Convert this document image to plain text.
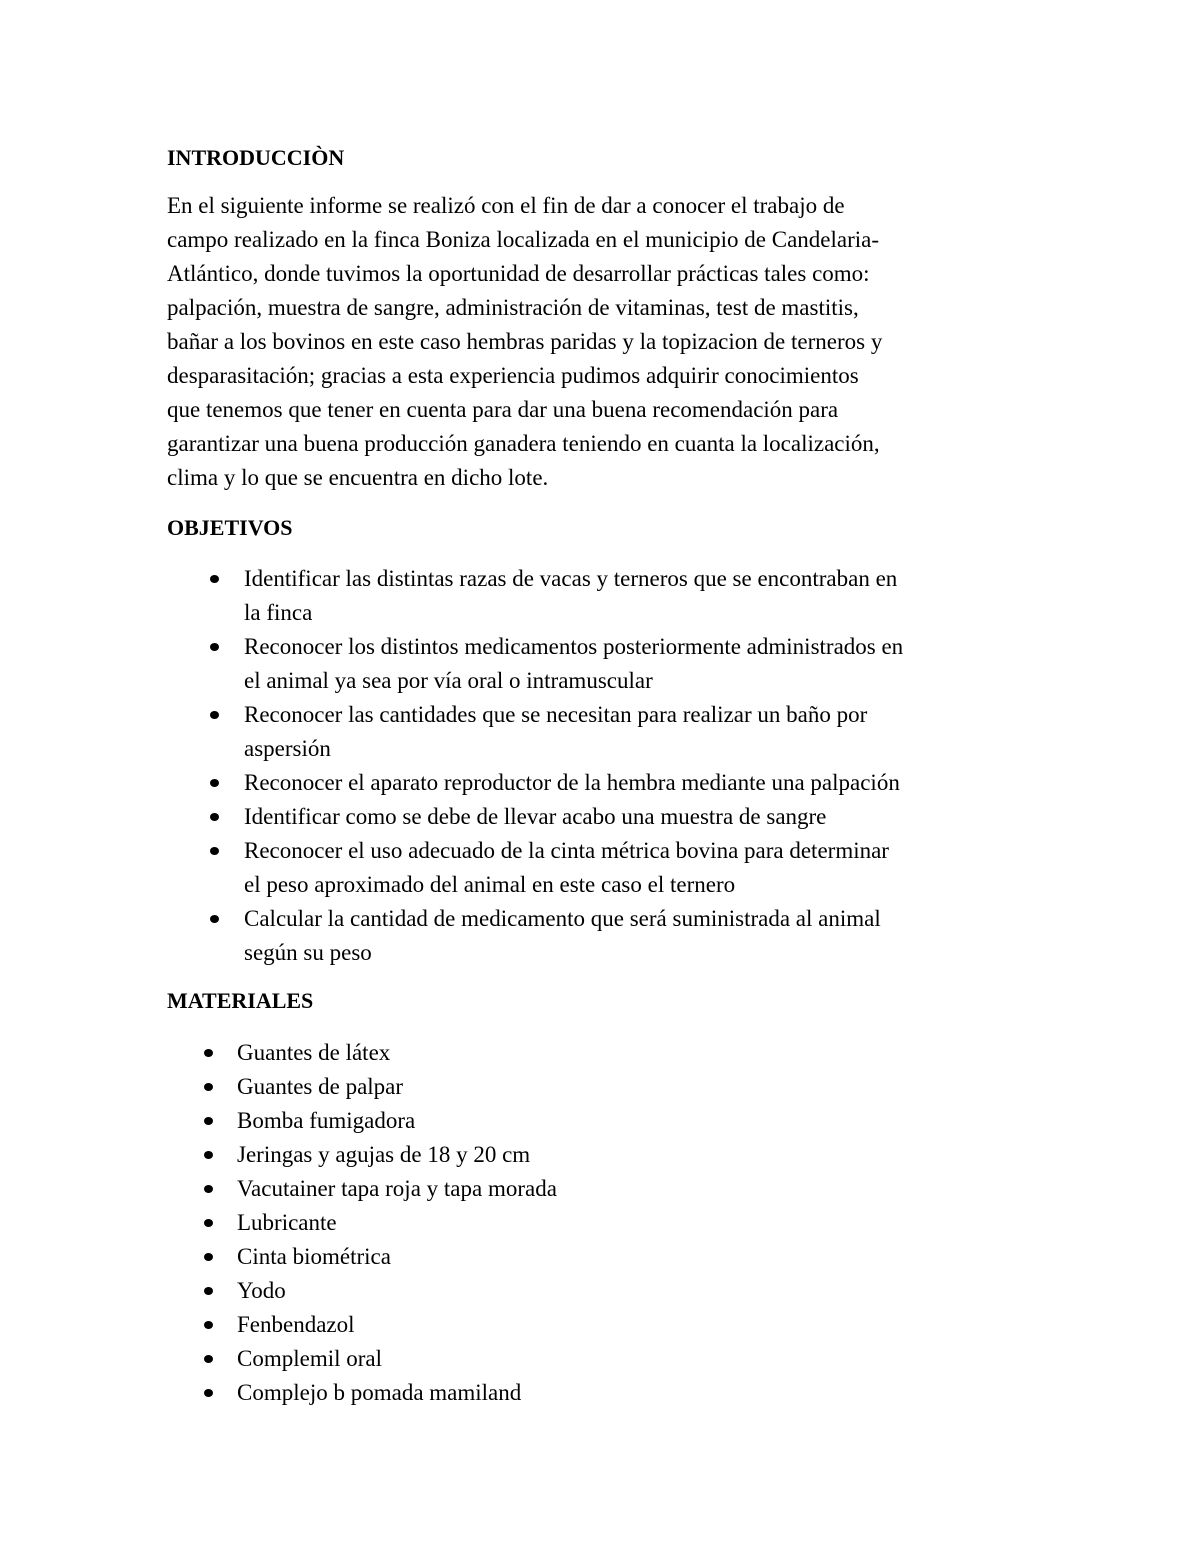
INTRODUCCIÒN
En el siguiente informe se realizó con el fin de dar a conocer el trabajo de
campo realizado en la finca Boniza localizada en el municipio de Candelaria-
Atlántico, donde tuvimos la oportunidad de desarrollar prácticas tales como:
palpación, muestra de sangre, administración de vitaminas, test de mastitis,
bañar a los bovinos en este caso hembras paridas y la topizacion de terneros y
desparasitación; gracias a esta experiencia pudimos adquirir conocimientos
que tenemos que tener en cuenta para dar una buena recomendación para
garantizar una buena producción ganadera teniendo en cuanta la localización,
clima y lo que se encuentra en dicho lote.
OBJETIVOS
Identificar las distintas razas de vacas y terneros que se encontraban en
la finca
Reconocer los distintos medicamentos posteriormente administrados en
el animal ya sea por vía oral o intramuscular
Reconocer las cantidades que se necesitan para realizar un baño por
aspersión
Reconocer el aparato reproductor de la hembra mediante una palpación
Identificar como se debe de llevar acabo una muestra de sangre
Reconocer el uso adecuado de la cinta métrica bovina para determinar
el peso aproximado del animal en este caso el ternero
Calcular la cantidad de medicamento que será suministrada al animal
según su peso
MATERIALES
Guantes de látex
Guantes de palpar
Bomba fumigadora
Jeringas y agujas de 18 y 20 cm
Vacutainer tapa roja y tapa morada
Lubricante
Cinta biométrica
Yodo
Fenbendazol
Complemil oral
Complejo b pomada mamiland
